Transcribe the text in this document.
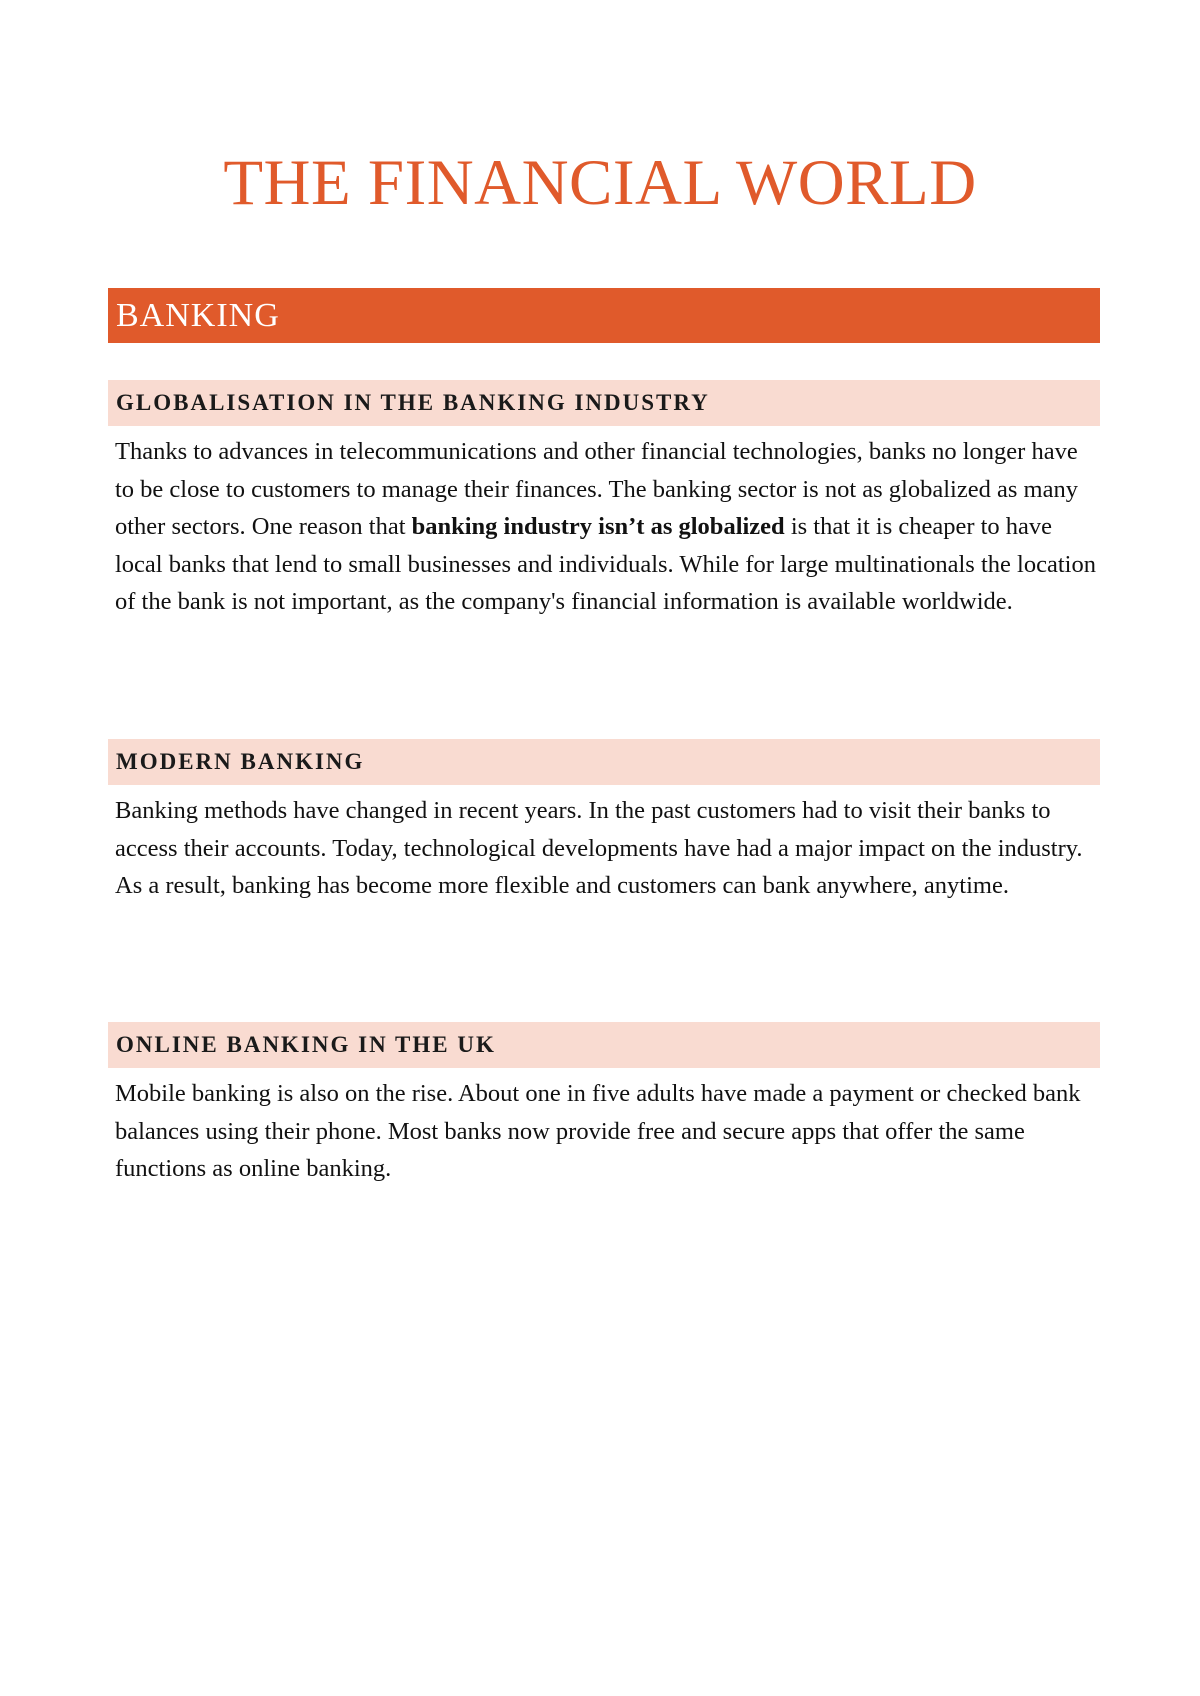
THE FINANCIAL WORLD
BANKING
GLOBALISATION IN THE BANKING INDUSTRY

Thanks to advances in telecommunications and other financial technologies, banks no longer have to be close to customers to manage their finances. The banking sector is not as globalized as many other sectors. One reason that banking industry isn’t as globalized is that it is cheaper to have local banks that lend to small businesses and individuals. While for large multinationals the location of the bank is not important, as the company's financial information is available worldwide.

MODERN BANKING

Banking methods have changed in recent years. In the past customers had to visit their banks to access their accounts. Today, technological developments have had a major impact on the industry. As a result, banking has become more flexible and customers can bank anywhere, anytime.

ONLINE BANKING IN THE UK

Mobile banking is also on the rise. About one in five adults have made a payment or checked bank balances using their phone. Most banks now provide free and secure apps that offer the same functions as online banking.
